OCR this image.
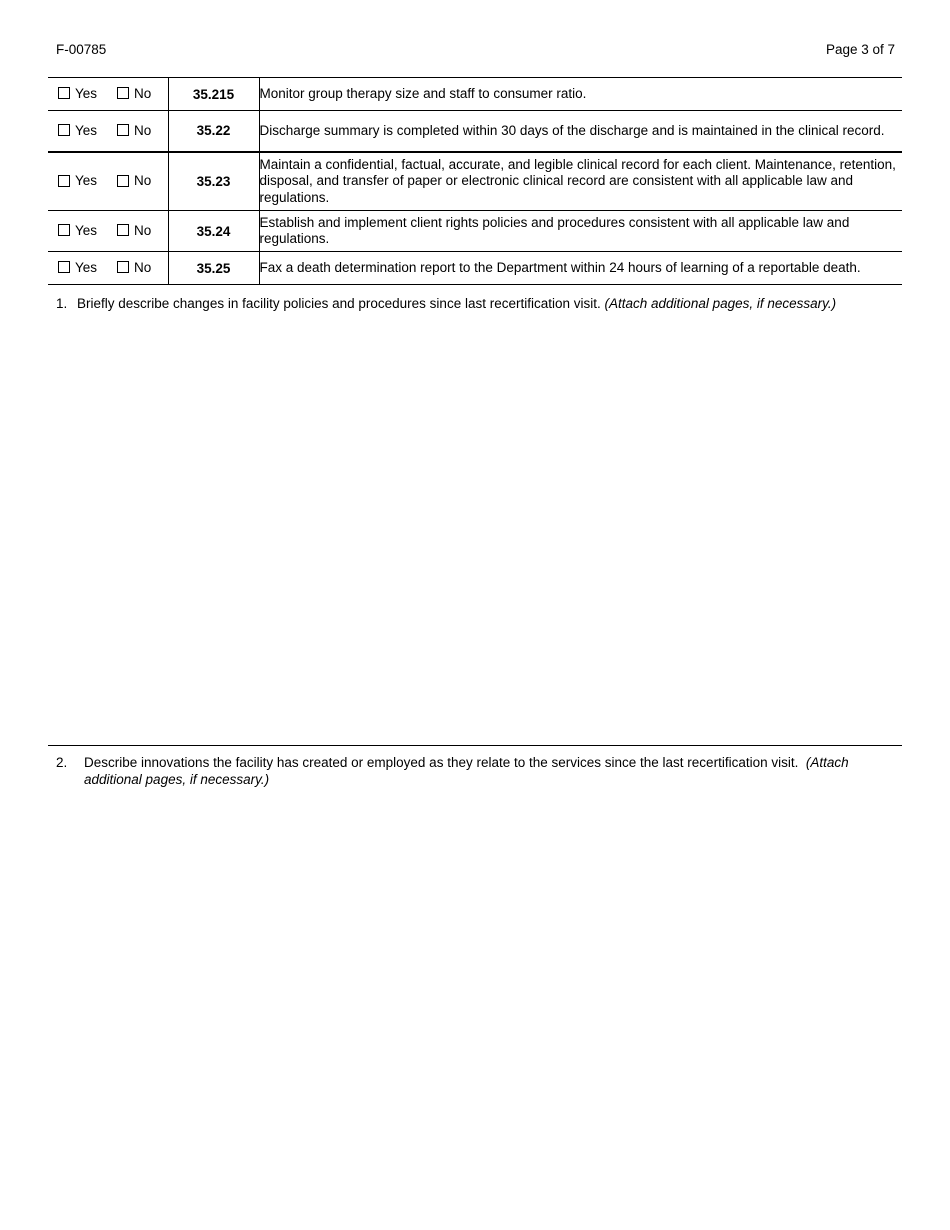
F-00785	Page 3 of 7
Yes No	35.215	Monitor group therapy size and staff to consumer ratio.

Yes No	35.22	Discharge summary is completed within 30 days of the discharge and is maintained in the clinical record.

Yes No	35.23	Maintain a confidential, factual, accurate, and legible clinical record for each client. Maintenance, retention, disposal, and transfer of paper or electronic clinical record are consistent with all applicable law and regulations.

Yes No	35.24	Establish and implement client rights policies and procedures consistent with all applicable law and regulations.

Yes No	35.25	Fax a death determination report to the Department within 24 hours of learning of a reportable death.
1. Briefly describe changes in facility policies and procedures since last recertification visit. (Attach additional pages, if necessary.)
2.	Describe innovations the facility has created or employed as they relate to the services since the last recertification visit. (Attach additional pages, if necessary.)
